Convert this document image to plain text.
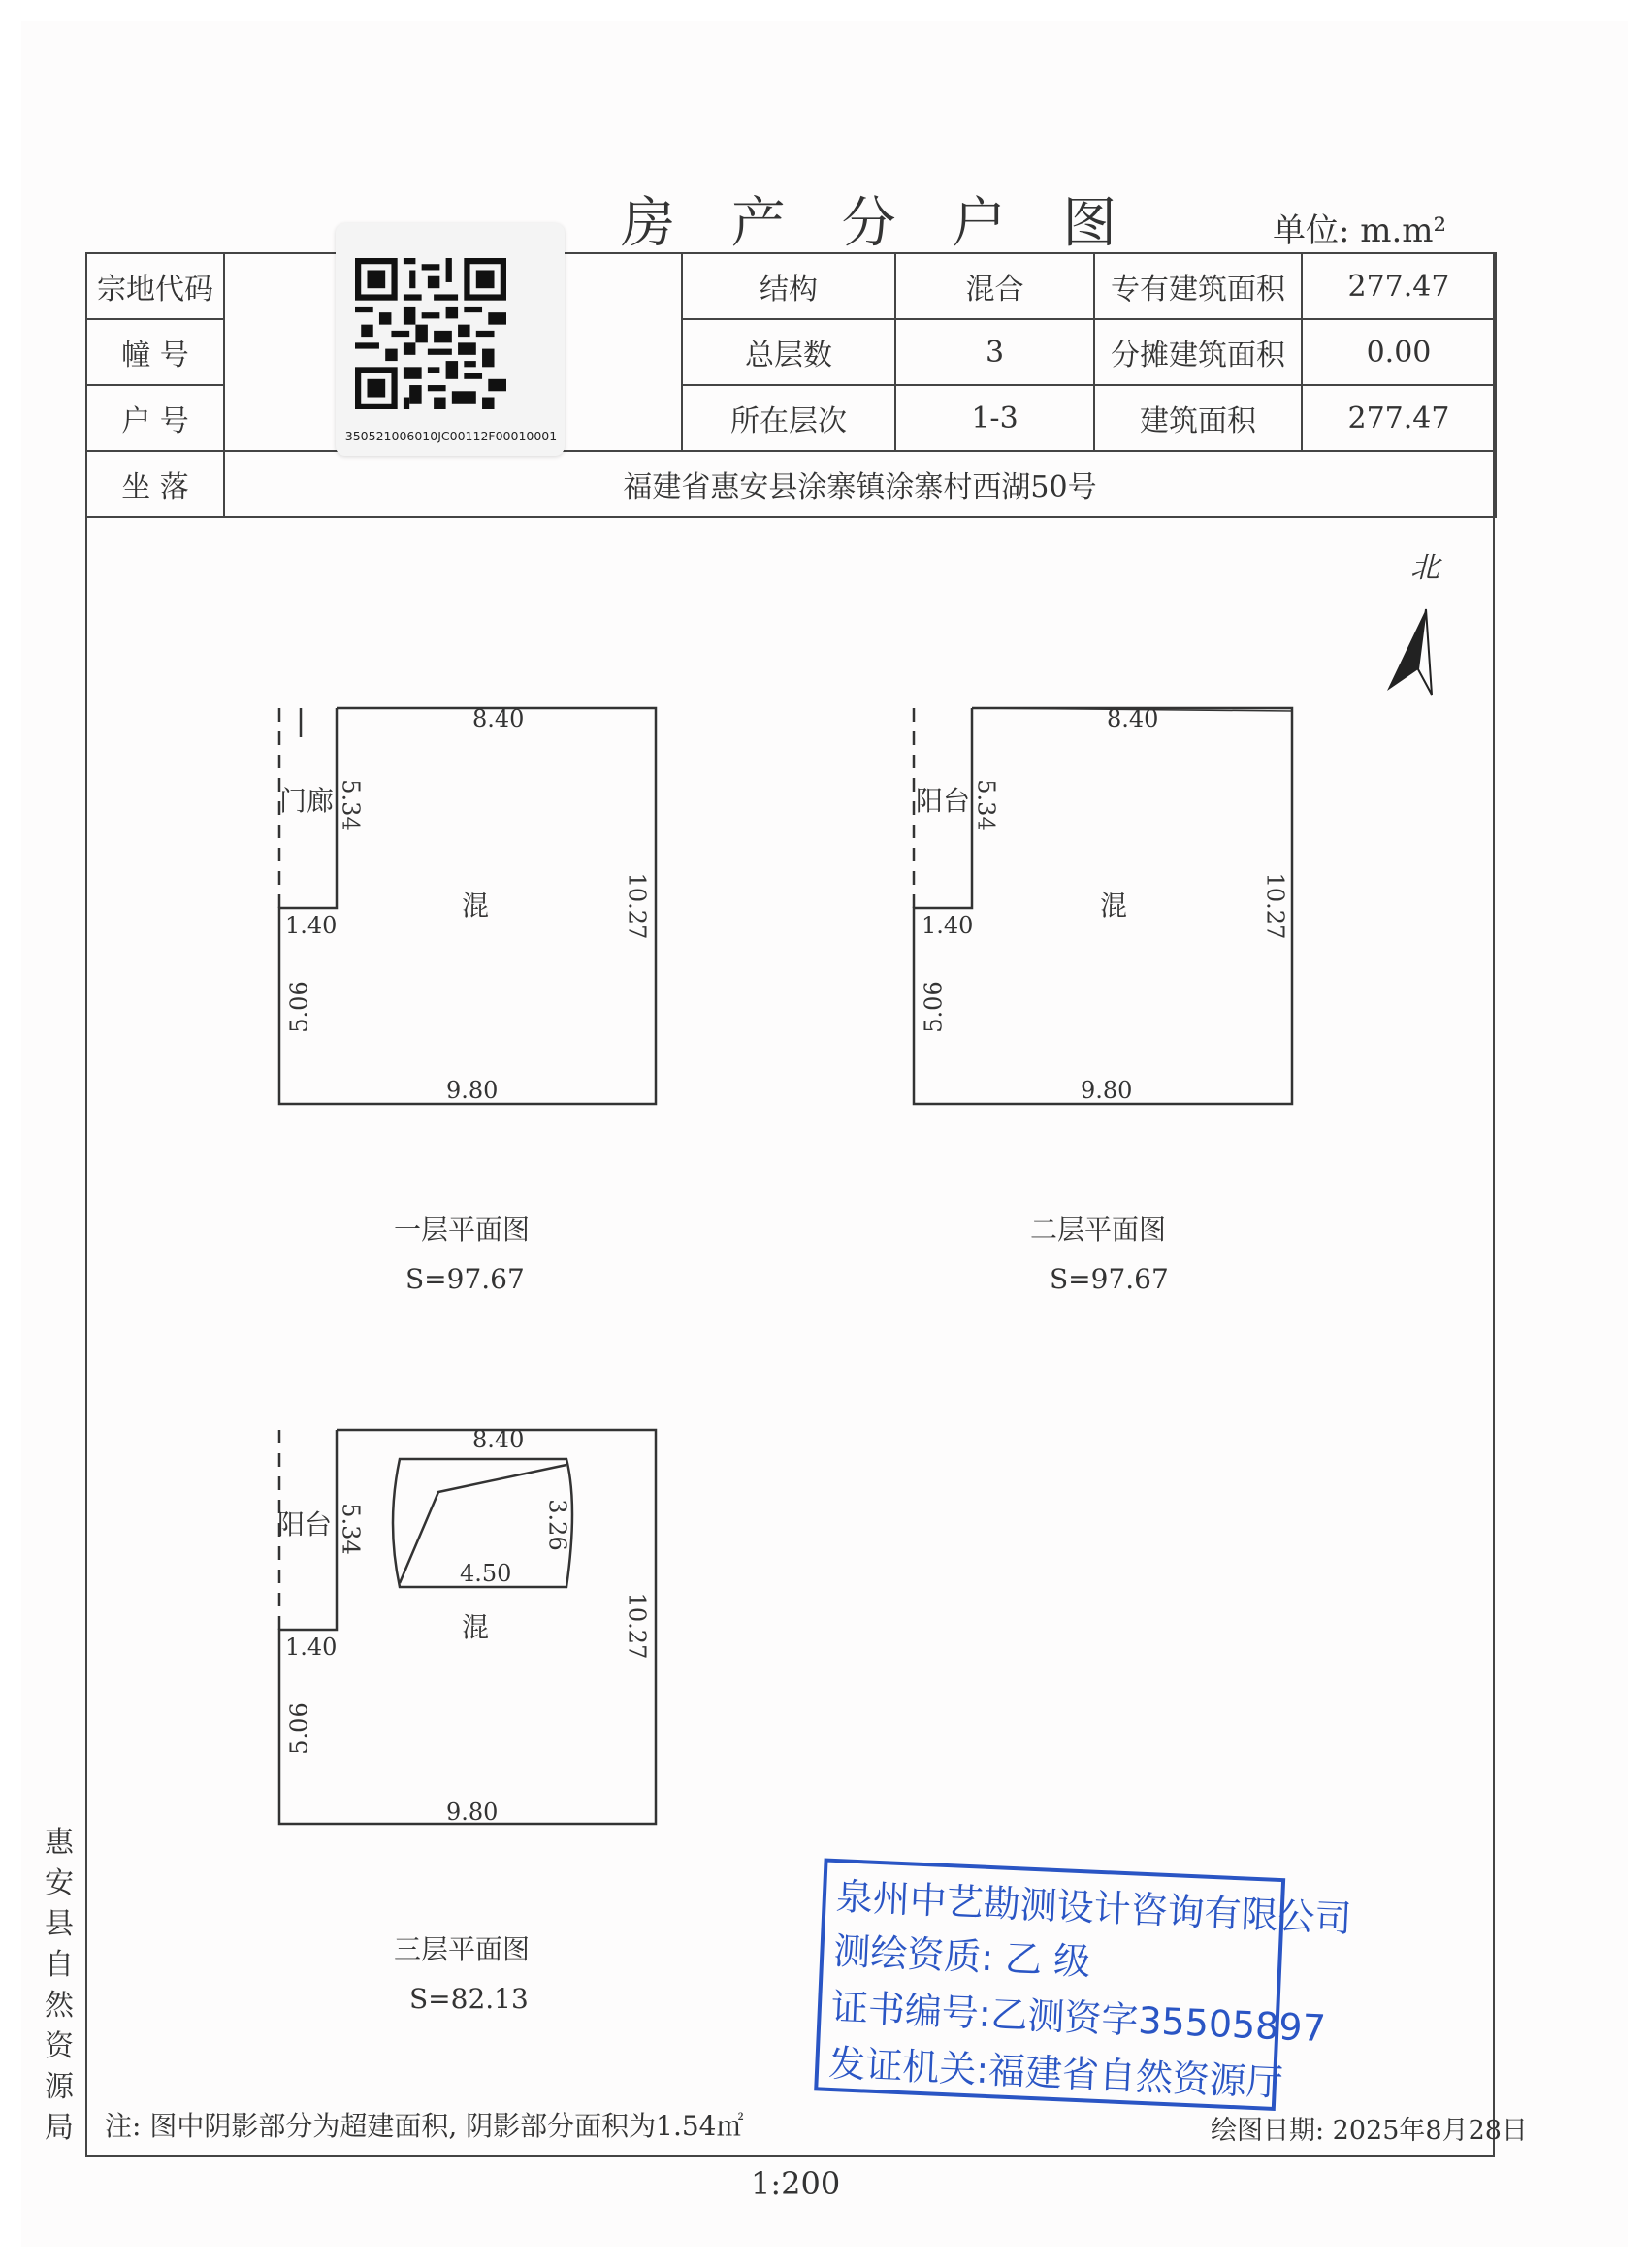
房 产 分 户 图	单位: m.m²
宗地代码		结构	混合	专有建筑面积	277.47
幢 号		总层数	3	分摊建筑面积	0.00
户 号		所在层次	1-3	建筑面积	277.47
坐 落	福建省惠安县涂寨镇涂寨村西湖50号				
350521006010JC00112F00010001
北
8.40
10.27
9.80
5.34
1.40
5.06
门廊
混
一层平面图
S=97.67
8.40
10.27
9.80
5.34
1.40
5.06
阳台
混
二层平面图
S=97.67
8.40
10.27
9.80
5.34
1.40
5.06
4.50
3.26
阳台
混
三层平面图
S=82.13
惠
安
县
自
然
资
源
局
泉州中艺勘测设计咨询有限公司
测绘资质: 乙 级
证书编号:乙测资字35505897
发证机关:福建省自然资源厅
注: 图中阴影部分为超建面积, 阴影部分面积为1.54㎡	绘图日期: 2025年8月28日
1:200
